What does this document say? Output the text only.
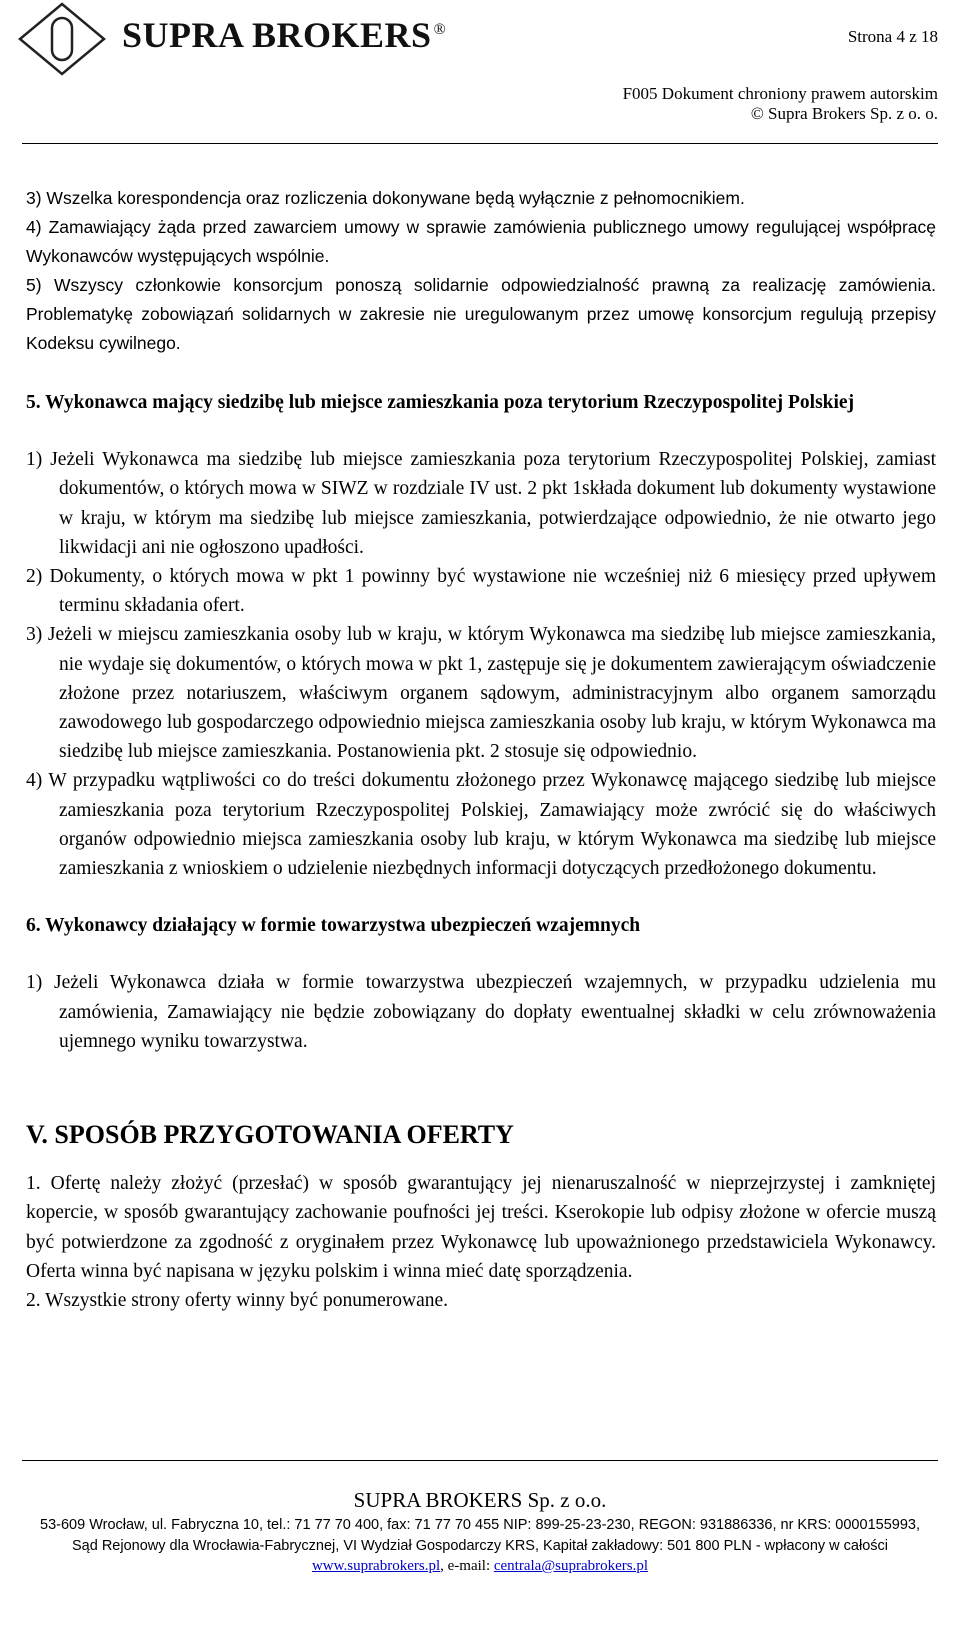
SUPRA BROKERS ®	Strona 4 z 18
F005 Dokument chroniony prawem autorskim
© Supra Brokers Sp. z o. o.

3) Wszelka korespondencja oraz rozliczenia dokonywane będą wyłącznie z pełnomocnikiem.

4) Zamawiający żąda przed zawarciem umowy w sprawie zamówienia publicznego umowy regulującej współpracę Wykonawców występujących wspólnie.

5) Wszyscy członkowie konsorcjum ponoszą solidarnie odpowiedzialność prawną za realizację zamówienia. Problematykę zobowiązań solidarnych w zakresie nie uregulowanym przez umowę konsorcjum regulują przepisy Kodeksu cywilnego.

5. Wykonawca mający siedzibę lub miejsce zamieszkania poza terytorium Rzeczypospolitej Polskiej

1) Jeżeli Wykonawca ma siedzibę lub miejsce zamieszkania poza terytorium Rzeczypospolitej Polskiej, zamiast dokumentów, o których mowa w SIWZ w rozdziale IV ust. 2 pkt 1składa dokument lub dokumenty wystawione w kraju, w którym ma siedzibę lub miejsce zamieszkania, potwierdzające odpowiednio, że nie otwarto jego likwidacji ani nie ogłoszono upadłości.

2) Dokumenty, o których mowa w pkt 1 powinny być wystawione nie wcześniej niż 6 miesięcy przed upływem terminu składania ofert.

3) Jeżeli w miejscu zamieszkania osoby lub w kraju, w którym Wykonawca ma siedzibę lub miejsce zamieszkania, nie wydaje się dokumentów, o których mowa w pkt 1, zastępuje się je dokumentem zawierającym oświadczenie złożone przez notariuszem, właściwym organem sądowym, administracyjnym albo organem samorządu zawodowego lub gospodarczego odpowiednio miejsca zamieszkania osoby lub kraju, w którym Wykonawca ma siedzibę lub miejsce zamieszkania. Postanowienia pkt. 2 stosuje się odpowiednio.

4) W przypadku wątpliwości co do treści dokumentu złożonego przez Wykonawcę mającego siedzibę lub miejsce zamieszkania poza terytorium Rzeczypospolitej Polskiej, Zamawiający może zwrócić się do właściwych organów odpowiednio miejsca zamieszkania osoby lub kraju, w którym Wykonawca ma siedzibę lub miejsce zamieszkania z wnioskiem o udzielenie niezbędnych informacji dotyczących przedłożonego dokumentu.

6. Wykonawcy działający w formie towarzystwa ubezpieczeń wzajemnych

1) Jeżeli Wykonawca działa w formie towarzystwa ubezpieczeń wzajemnych, w przypadku udzielenia mu zamówienia, Zamawiający nie będzie zobowiązany do dopłaty ewentualnej składki w celu zrównoważenia ujemnego wyniku towarzystwa.

V. SPOSÓB PRZYGOTOWANIA OFERTY

1. Ofertę należy złożyć (przesłać) w sposób gwarantujący jej nienaruszalność w nieprzejrzystej i zamkniętej kopercie, w sposób gwarantujący zachowanie poufności jej treści. Kserokopie lub odpisy złożone w ofercie muszą być potwierdzone za zgodność z oryginałem przez Wykonawcę lub upoważnionego przedstawiciela Wykonawcy. Oferta winna być napisana w języku polskim i winna mieć datę sporządzenia.

2. Wszystkie strony oferty winny być ponumerowane.

SUPRA BROKERS Sp. z o.o.
53-609 Wrocław, ul. Fabryczna 10, tel.: 71 77 70 400, fax: 71 77 70 455 NIP: 899-25-23-230, REGON: 931886336, nr KRS: 0000155993,
Sąd Rejonowy dla Wrocławia-Fabrycznej, VI Wydział Gospodarczy KRS, Kapitał zakładowy: 501 800 PLN - wpłacony w całości
www.suprabrokers.pl, e-mail: centrala@suprabrokers.pl
